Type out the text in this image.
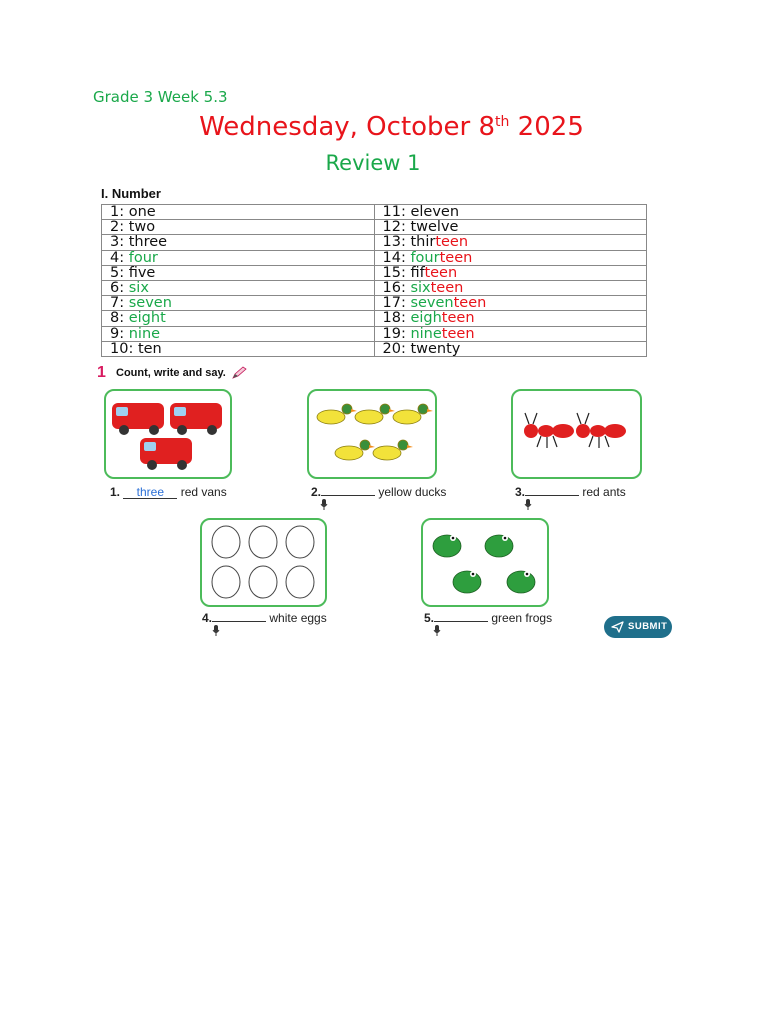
Grade 3 Week 5.3
Wednesday, October 8th 2025
Review 1
I. Number
1: one	11: eleven
2: two	12: twelve
3: three	13: thirteen
4: four	14: fourteen
5: five	15: fifteen
6: six	16: sixteen
7: seven	17: seventeen
8: eight	18: eighteen
9: nine	19: nineteen
10: ten	20: twenty
1 Count, write and say.
1. three red vans	2.	yellow ducks	3.	red ants
4.	white eggs	5.	green frogs
SUBMIT
